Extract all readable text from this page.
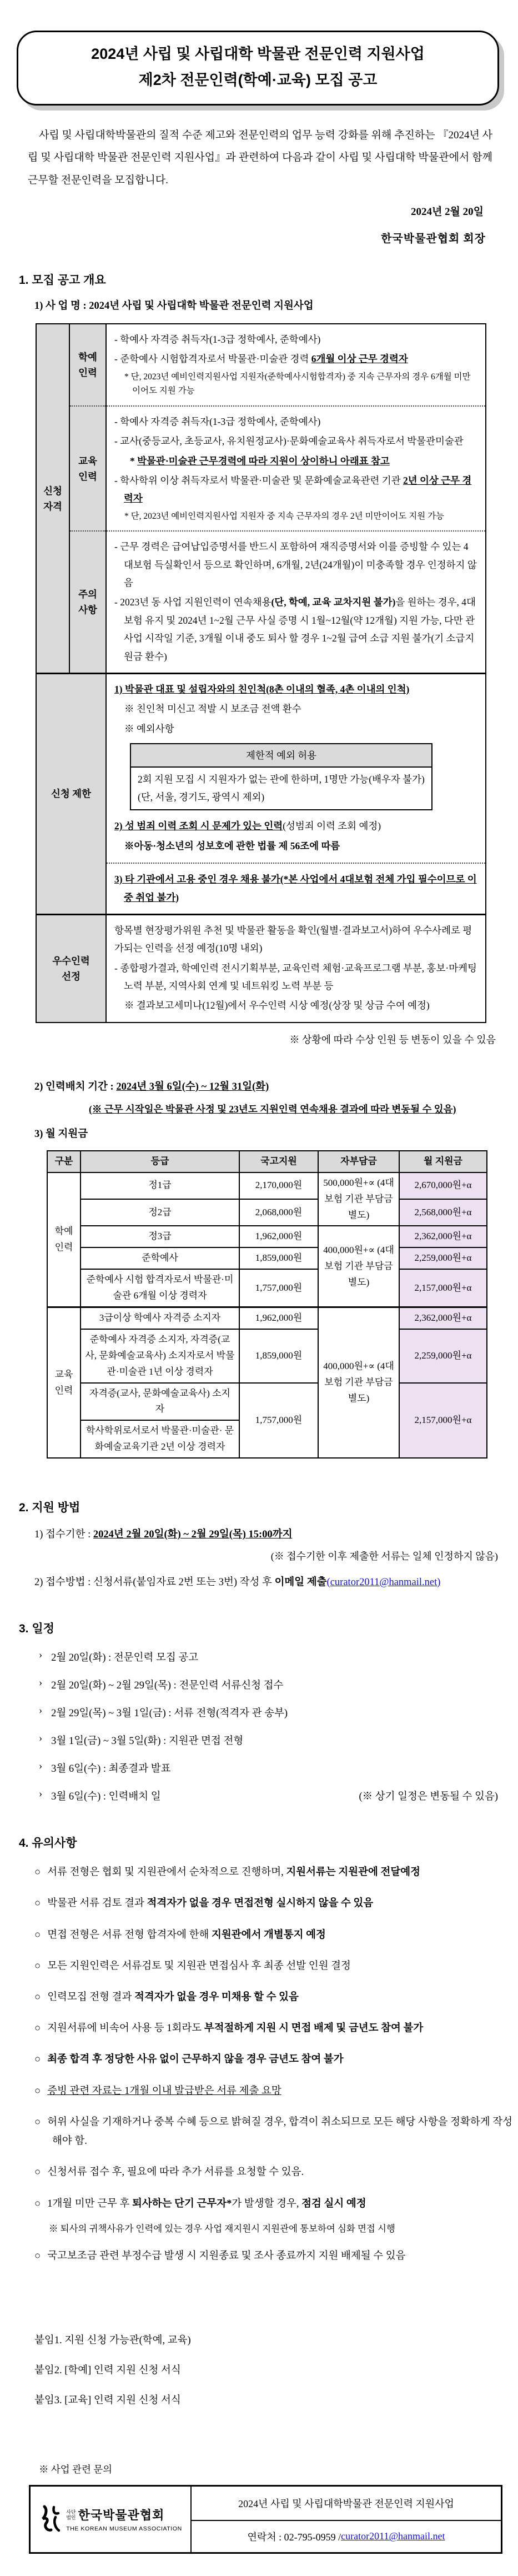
2024년 사립 및 사립대학 박물관 전문인력 지원사업
제2차 전문인력(학예·교육) 모집 공고

사립 및 사립대학박물관의 질적 수준 제고와 전문인력의 업무 능력 강화를 위해 추진하는 『2024년 사립 및 사립대학 박물관 전문인력 지원사업』과 관련하여 다음과 같이 사립 및 사립대학 박물관에서 함께 근무할 전문인력을 모집합니다.

2024년 2월 20일
한국박물관협회 회장
1. 모집 공고 개요
1) 사 업 명 : 2024년 사립 및 사립대학 박물관 전문인력 지원사업
신청
자격

학예
인력

- 학예사 자격증 취득자(1-3급 정학예사, 준학예사)

- 준학예사 시험합격자로서 박물관·미술관 경력 6개월 이상 근무 경력자

* 단, 2023년 예비인력지원사업 지원자(준학예사시험합격자) 중 지속 근무자의 경우 6개월 미만이어도 지원 가능

교육
인력

- 학예사 자격증 취득자(1-3급 정학예사, 준학예사)

- 교사(중등교사, 초등교사, 유치원정교사)·문화예술교육사 취득자로서 박물관미술관

* 박물관·미술관 근무경력에 따라 지원이 상이하니 아래표 참고

- 학사학위 이상 취득자로서 박물관·미술관 및 문화예술교육관련 기관 2년 이상 근무 경력자

* 단, 2023년 예비인력지원사업 지원자 중 지속 근무자의 경우 2년 미만이어도 지원 가능

주의
사항

- 근무 경력은 급여납입증명서를 반드시 포함하여 재직증명서와 이를 증빙할 수 있는 4대보험 득실확인서 등으로 확인하며, 6개월, 2년(24개월)이 미충족할 경우 인정하지 않음

- 2023년 동 사업 지원인력이 연속채용(단, 학예, 교육 교차지원 불가)을 원하는 경우, 4대보험 유지 및 2024년 1~2월 근무 사실 증명 시 1월~12월(약 12개월) 지원 가능, 다만 관 사업 시작일 기준, 3개월 이내 중도 퇴사 할 경우 1~2월 급여 소급 지원 불가(기 소급지원금 환수)

신청 제한	

1) 박물관 대표 및 설립자와의 친인척(8촌 이내의 혈족, 4촌 이내의 인척)

※ 친인척 미신고 적발 시 보조금 전액 환수

※ 예외사항

제한적 예외 허용

2회 지원 모집 시 지원자가 없는 관에 한하며, 1명만 가능(배우자 불가)
(단, 서울, 경기도, 광역시 제외)

2) 성 범죄 이력 조회 시 문제가 있는 인력(성범죄 이력 조회 예정)

※아동·청소년의 성보호에 관한 법률 제 56조에 따름

3) 타 기관에서 고용 중인 경우 채용 불가(*본 사업에서 4대보험 전체 가입 필수이므로 이중 취업 불가)

우수인력
선정

항목별 현장평가위원 추천 및 박물관 활동을 확인(월별·결과보고서)하여 우수사례로 평가되는 인력을 선정 예정(10명 내외)

- 종합평가결과, 학예인력 전시기획부분, 교육인력 체험·교육프로그램 부분, 홍보·마케팅 노력 부분, 지역사회 연계 및 네트워킹 노력 부분 등

※ 결과보고세미나(12월)에서 우수인력 시상 예정(상장 및 상금 수여 예정)

※ 상황에 따라 수상 인원 등 변동이 있을 수 있음
2) 인력배치 기간 : 2024년 3월 6일(수) ~ 12월 31일(화)
(※ 근무 시작일은 박물관 사정 및 23년도 지원인력 연속채용 결과에 따라 변동될 수 있음)
3) 월 지원금
구분	등급	국고지원	자부담금	월 지원금

학예
인력	정1급	2,170,000원	500,000원+∝ (4대보험 기관 부담금 별도)	2,670,000원+α
	정2급	2,068,000원		2,568,000원+α
	정3급	1,962,000원	400,000원+∝ (4대보험 기관 부담금 별도)	2,362,000원+α
	준학예사	1,859,000원		2,259,000원+α
	준학예사 시험 합격자로서 박물관·미술관 6개월 이상 경력자	1,757,000원		2,157,000원+α

교육
인력	3급이상 학예사 자격증 소지자	1,962,000원	400,000원+∝ (4대보험 기관 부담금 별도)	2,362,000원+α
	준학예사 자격증 소지자, 자격증(교사, 문화예술교육사) 소지자로서 박물관·미술관 1년 이상 경력자	1,859,000원		2,259,000원+α
	자격증(교사, 문화예술교육사) 소지자	1,757,000원		2,157,000원+α
	학사학위로서로서 박물관·미술관· 문화예술교육기관 2년 이상 경력자			
2. 지원 방법
1) 접수기한 : 2024년 2월 20일(화) ~ 2월 29일(목) 15:00까지
(※ 접수기한 이후 제출한 서류는 일체 인정하지 않음)
2) 접수방법 : 신청서류(붙임자료 2번 또는 3번) 작성 후 이메일 제출(curator2011@hanmail.net)
3. 일정
› 2월 20일(화) : 전문인력 모집 공고
› 2월 20일(화) ~ 2월 29일(목) : 전문인력 서류신청 접수
› 2월 29일(목) ~ 3월 1일(금) : 서류 전형(적격자 관 송부)
› 3월 1일(금) ~ 3월 5일(화) : 지원관 면접 전형
› 3월 6일(수) : 최종결과 발표
› 3월 6일(수) : 인력배치 일	(※ 상기 일정은 변동될 수 있음)
4. 유의사항
○ 서류 전형은 협회 및 지원관에서 순차적으로 진행하며, 지원서류는 지원관에 전달예정
○ 박물관 서류 검토 결과 적격자가 없을 경우 면접전형 실시하지 않을 수 있음
○ 면접 전형은 서류 전형 합격자에 한해 지원관에서 개별통지 예정
○ 모든 지원인력은 서류검토 및 지원관 면접심사 후 최종 선발 인원 결정
○ 인력모집 전형 결과 적격자가 없을 경우 미채용 할 수 있음
○ 지원서류에 비속어 사용 등 1회라도 부적절하게 지원 시 면접 배제 및 금년도 참여 불가
○ 최종 합격 후 정당한 사유 없이 근무하지 않을 경우 금년도 참여 불가
○ 증빙 관련 자료는 1개월 이내 발급받은 서류 제출 요망
○ 허위 사실을 기재하거나 중복 수혜 등으로 밝혀질 경우, 합격이 취소되므로 모든 해당 사항을 정확하게 작성해야 함.
○ 신청서류 접수 후, 필요에 따라 추가 서류를 요청할 수 있음.
○ 1개월 미만 근무 후 퇴사하는 단기 근무자*가 발생할 경우, 점검 실시 예정
※ 퇴사의 귀책사유가 인력에 있는 경우 사업 재지원시 지원관에 통보하여 심화 면접 시행
○ 국고보조금 관련 부정수급 발생 시 지원종료 및 조사 종료까지 지원 배제될 수 있음
붙임1. 지원 신청 가능관(학예, 교육)
붙임2. [학예] 인력 지원 신청 서식
붙임3. [교육] 인력 지원 신청 서식
※ 사업 관련 문의
사단
법인 한국박물관협회
THE KOREAN MUSEUM ASSOCIATION
2024년 사립 및 사립대학박물관 전문인력 지원사업
연락처 : 02-795-0959 / curator2011@hanmail.net
